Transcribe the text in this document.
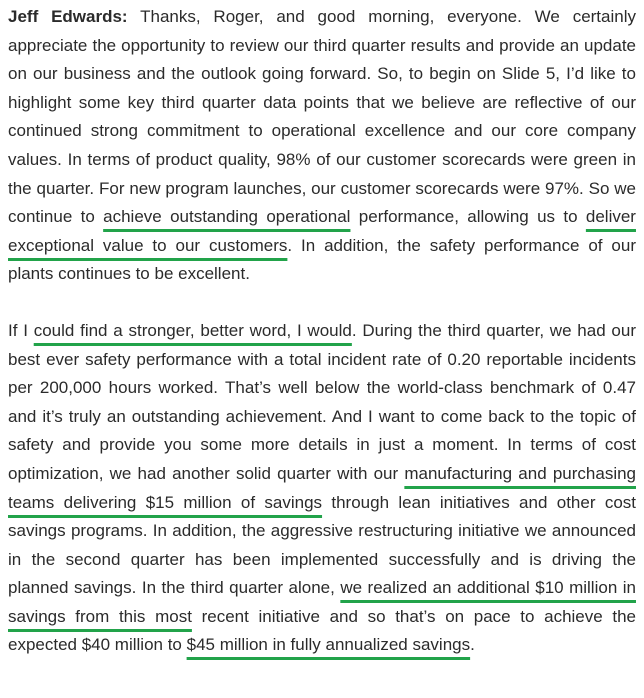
Jeff Edwards: Thanks, Roger, and good morning, everyone. We certainly appreciate the opportunity to review our third quarter results and provide an update on our business and the outlook going forward. So, to begin on Slide 5, I’d like to highlight some key third quarter data points that we believe are reflective of our continued strong commitment to operational excellence and our core company values. In terms of product quality, 98% of our customer scorecards were green in the quarter. For new program launches, our customer scorecards were 97%. So we continue to achieve outstanding operational performance, allowing us to deliver exceptional value to our customers. In addition, the safety performance of our plants continues to be excellent.

If I could find a stronger, better word, I would. During the third quarter, we had our best ever safety performance with a total incident rate of 0.20 reportable incidents per 200,000 hours worked. That’s well below the world-class benchmark of 0.47 and it’s truly an outstanding achievement. And I want to come back to the topic of safety and provide you some more details in just a moment. In terms of cost optimization, we had another solid quarter with our manufacturing and purchasing teams delivering $15 million of savings through lean initiatives and other cost savings programs. In addition, the aggressive restructuring initiative we announced in the second quarter has been implemented successfully and is driving the planned savings. In the third quarter alone, we realized an additional $10 million in savings from this most recent initiative and so that’s on pace to achieve the expected $40 million to $45 million in fully annualized savings.
